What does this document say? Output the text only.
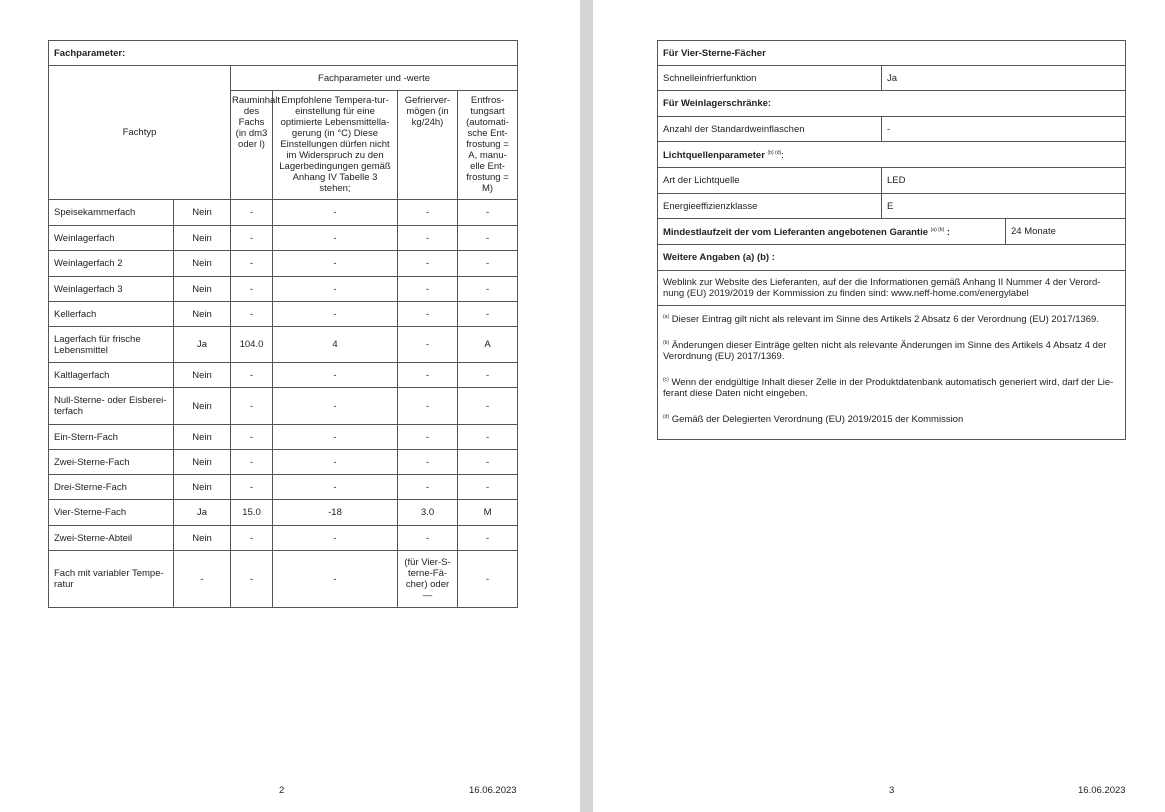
Fachparameter:					
Fachtyp		Fachparameter und -werte			
		Rauminhalt des Fachs (in dm3 oder l)	Empfohlene Tempera-tur-einstellung für eine optimierte Lebensmittella-gerung (in °C) Diese Einstellungen dürfen nicht im Widerspruch zu den Lagerbedingungen gemäß Anhang IV Tabelle 3 stehen;	Gefrierver-mögen (in kg/24h)	Entfros-tungsart (automati-sche Ent-frostung = A, manu-elle Ent-frostung = M)
Speisekammerfach	Nein	-	-	-	-
Weinlagerfach	Nein	-	-	-	-
Weinlagerfach 2	Nein	-	-	-	-
Weinlagerfach 3	Nein	-	-	-	-
Kellerfach	Nein	-	-	-	-
Lagerfach für frische Lebensmittel	Ja	104.0	4	-	A
Kaltlagerfach	Nein	-	-	-	-
Null-Sterne- oder Eisberei-terfach	Nein	-	-	-	-
Ein-Stern-Fach	Nein	-	-	-	-
Zwei-Sterne-Fach	Nein	-	-	-	-
Drei-Sterne-Fach	Nein	-	-	-	-
Vier-Sterne-Fach	Ja	15.0	-18	3.0	M
Zwei-Sterne-Abteil	Nein	-	-	-	-
Fach mit variabler Tempe-ratur	-	-	-	(für Vier-S-terne-Fä-cher) oder —	-
2	16.06.2023
Für Vier-Sterne-Fächer		
Schnelleinfrierfunktion	Ja	
Für Weinlagerschränke:		
Anzahl der Standardweinflaschen	-	
Lichtquellenparameter $^{(b) (d)}$:		
Art der Lichtquelle	LED	
Energieeffizienzklasse	E	
Mindestlaufzeit der vom Lieferanten angebotenen Garantie $^{(a) (b)}$ :		24 Monate
Weitere Angaben (a) (b) :		
Weblink zur Website des Lieferanten, auf der die Informationen gemäß Anhang II Nummer 4 der Verord-nung (EU) 2019/2019 der Kommission zu finden sind: www.neff-home.com/energylabel		

$^{(a)}$ Dieser Eintrag gilt nicht als relevant im Sinne des Artikels 2 Absatz 6 der Verordnung (EU) 2017/1369.

$^{(b)}$ Änderungen dieser Einträge gelten nicht als relevante Änderungen im Sinne des Artikels 4 Absatz 4 der Verordnung (EU) 2017/1369.

$^{(c)}$ Wenn der endgültige Inhalt dieser Zelle in der Produktdatenbank automatisch generiert wird, darf der Lie-ferant diese Daten nicht eingeben.

$^{(d)}$ Gemäß der Delegierten Verordnung (EU) 2019/2015 der Kommission		

3	16.06.2023
